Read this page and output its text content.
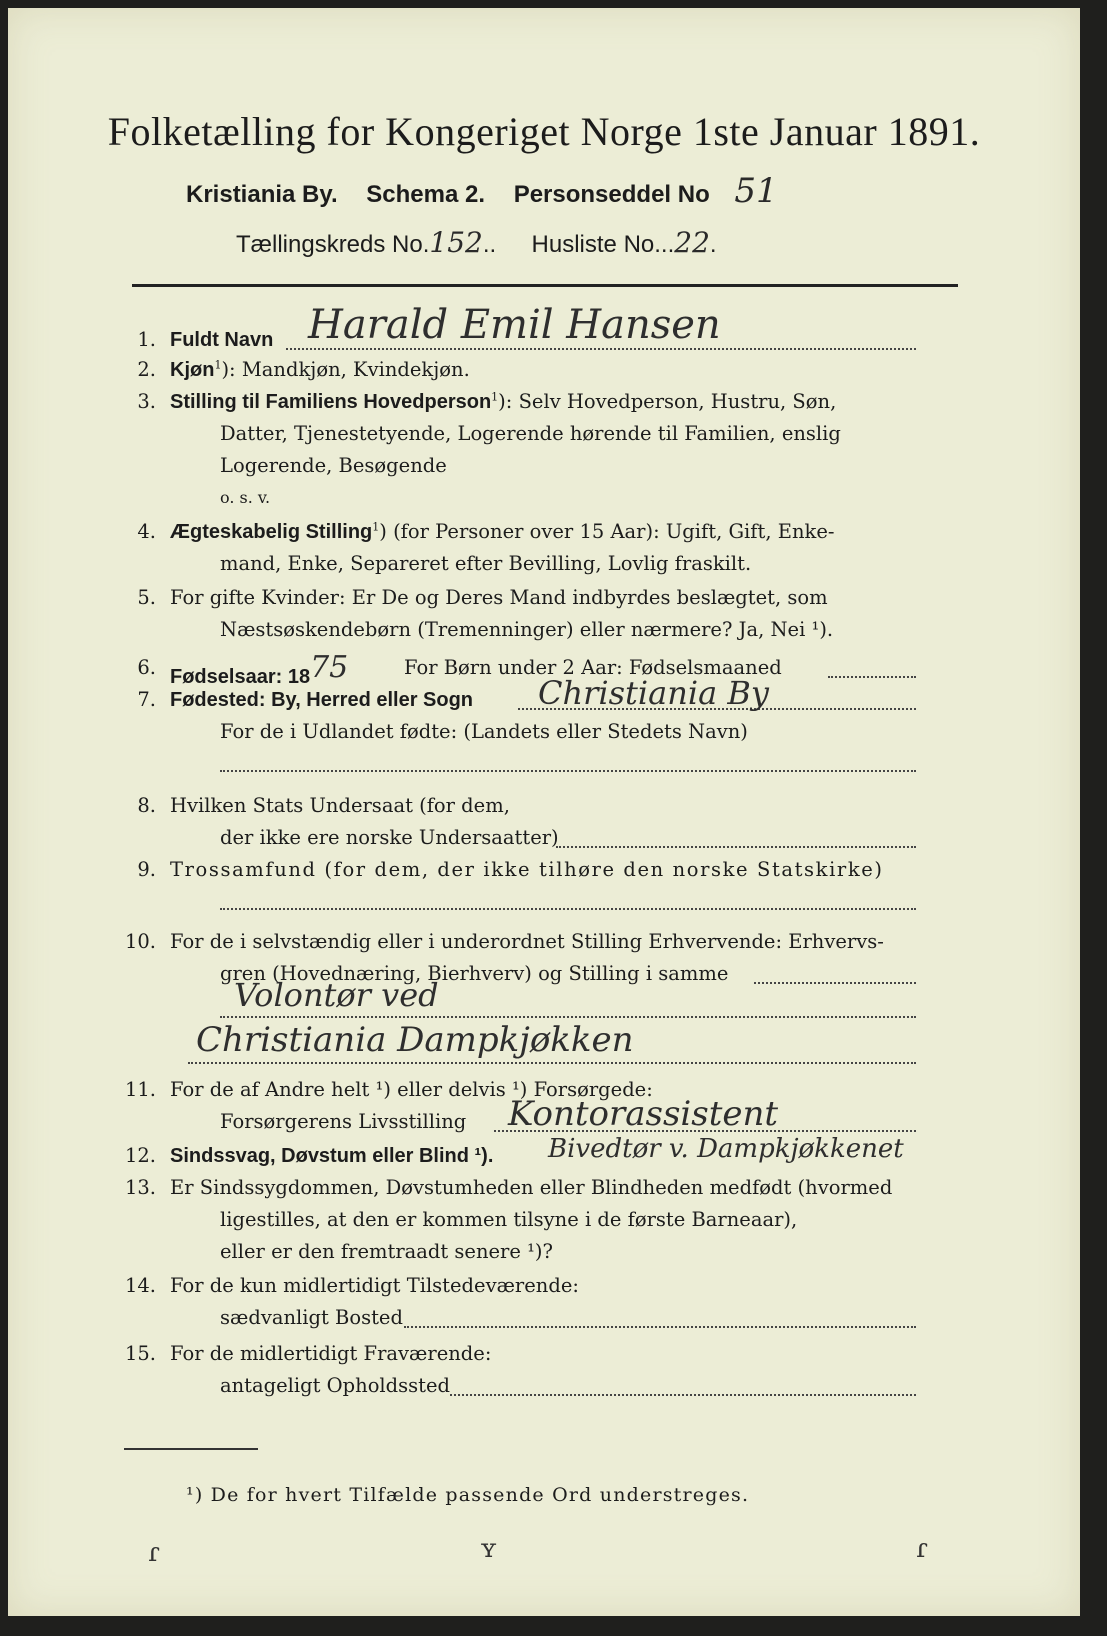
Folketælling for Kongeriget Norge 1ste Januar 1891.
Kristiania By. Schema 2. Personseddel No 51
Tællingskreds No.152.. Husliste No...22.
1. Fuldt Navn Harald Emil Hansen
2. Kjøn$^1$): Mandkjøn, Kvindekjøn.
3. Stilling til Familiens Hovedperson$^1$): Selv Hovedperson, Hustru, Søn,
Datter, Tjenestetyende, Logerende hørende til Familien, enslig
Logerende, Besøgende
o. s. v.
4. Ægteskabelig Stilling$^1$) (for Personer over 15 Aar): Ugift, Gift, Enke-
mand, Enke, Separeret efter Bevilling, Lovlig fraskilt.
5. For gifte Kvinder: Er De og Deres Mand indbyrdes beslægtet, som
Næstsøskendebørn (Tremenninger) eller nærmere? Ja, Nei ¹).
6. Fødselsaar: 1875	For Børn under 2 Aar: Fødselsmaaned
7. Fødested: By, Herred eller Sogn Christiania By
For de i Udlandet fødte: (Landets eller Stedets Navn)
8. Hvilken Stats Undersaat (for dem,
der ikke ere norske Undersaatter)
9. Trossamfund (for dem, der ikke tilhøre den norske Statskirke)
10. For de i selvstændig eller i underordnet Stilling Erhvervende: Erhvervs-
gren (Hovednæring, Bierhverv) og Stilling i samme
Volontør ved
Christiania Dampkjøkken
11. For de af Andre helt ¹) eller delvis ¹) Forsørgede:
Forsørgerens Livsstilling Kontorassistent
12. Sindssvag, Døvstum eller Blind ¹). Bivedtør v. Dampkjøkkenet
13. Er Sindssygdommen, Døvstumheden eller Blindheden medfødt (hvormed
ligestilles, at den er kommen tilsyne i de første Barneaar),
eller er den fremtraadt senere ¹)?
14. For de kun midlertidigt Tilstedeværende:
sædvanligt Bosted
15. For de midlertidigt Fraværende:
antageligt Opholdssted
¹) De for hvert Tilfælde passende Ord understreges.
ɾ	ʏ	ɾ
